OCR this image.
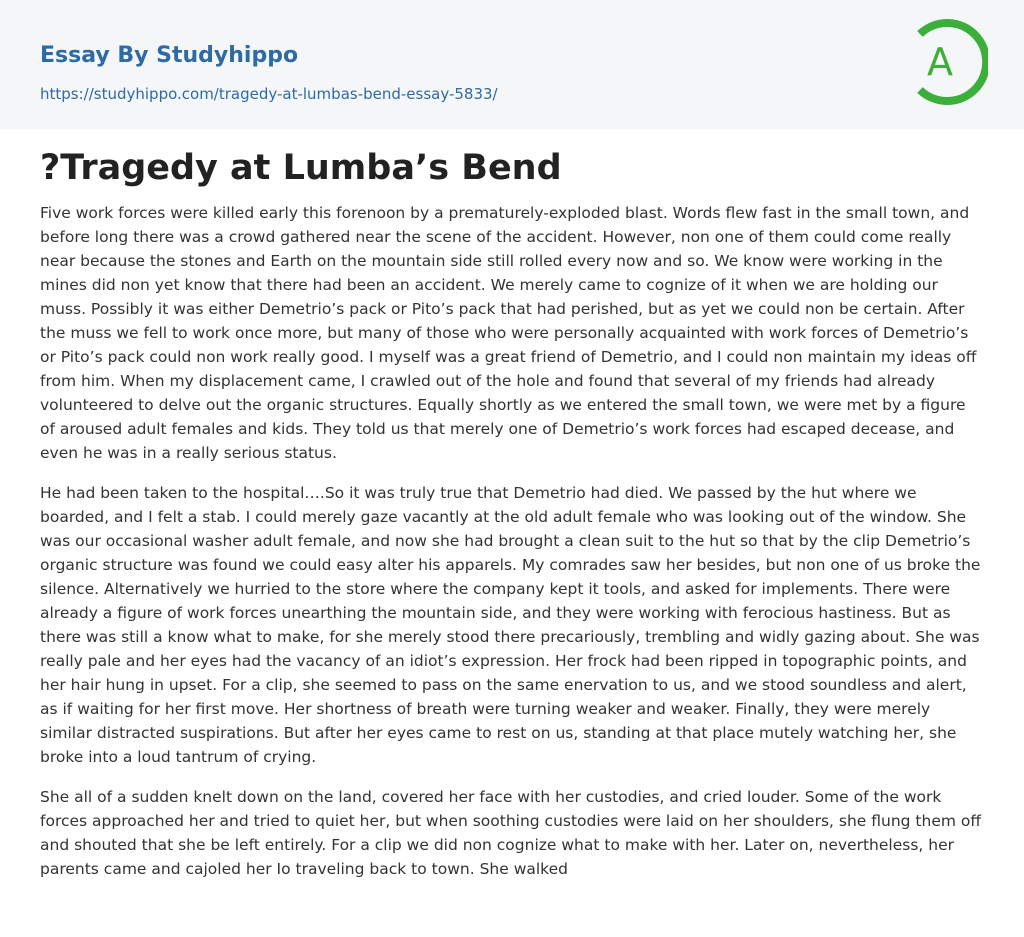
Essay By Studyhippo
https://studyhippo.com/tragedy-at-lumbas-bend-essay-5833/
A
?Tragedy at Lumba’s Bend

Five work forces were killed early this forenoon by a prematurely-exploded blast. Words flew fast in the small town, and before long there was a crowd gathered near the scene of the accident. However, non one of them could come really near because the stones and Earth on the mountain side still rolled every now and so. We know were working in the mines did non yet know that there had been an accident. We merely came to cognize of it when we are holding our muss. Possibly it was either Demetrio’s pack or Pito’s pack that had perished, but as yet we could non be certain. After the muss we fell to work once more, but many of those who were personally acquainted with work forces of Demetrio’s or Pito’s pack could non work really good. I myself was a great friend of Demetrio, and I could non maintain my ideas off from him. When my displacement came, I crawled out of the hole and found that several of my friends had already volunteered to delve out the organic structures. Equally shortly as we entered the small town, we were met by a figure of aroused adult females and kids. They told us that merely one of Demetrio’s work forces had escaped decease, and even he was in a really serious status.

He had been taken to the hospital….So it was truly true that Demetrio had died. We passed by the hut where we boarded, and I felt a stab. I could merely gaze vacantly at the old adult female who was looking out of the window. She was our occasional washer adult female, and now she had brought a clean suit to the hut so that by the clip Demetrio’s organic structure was found we could easy alter his apparels. My comrades saw her besides, but non one of us broke the silence. Alternatively we hurried to the store where the company kept it tools, and asked for implements. There were already a figure of work forces unearthing the mountain side, and they were working with ferocious hastiness. But as there was still a know what to make, for she merely stood there precariously, trembling and widly gazing about. She was really pale and her eyes had the vacancy of an idiot’s expression. Her frock had been ripped in topographic points, and her hair hung in upset. For a clip, she seemed to pass on the same enervation to us, and we stood soundless and alert, as if waiting for her first move. Her shortness of breath were turning weaker and weaker. Finally, they were merely similar distracted suspirations. But after her eyes came to rest on us, standing at that place mutely watching her, she broke into a loud tantrum of crying.

She all of a sudden knelt down on the land, covered her face with her custodies, and cried louder. Some of the work forces approached her and tried to quiet her, but when soothing custodies were laid on her shoulders, she flung them off and shouted that she be left entirely. For a clip we did non cognize what to make with her. Later on, nevertheless, her parents came and cajoled her Io traveling back to town. She walked
